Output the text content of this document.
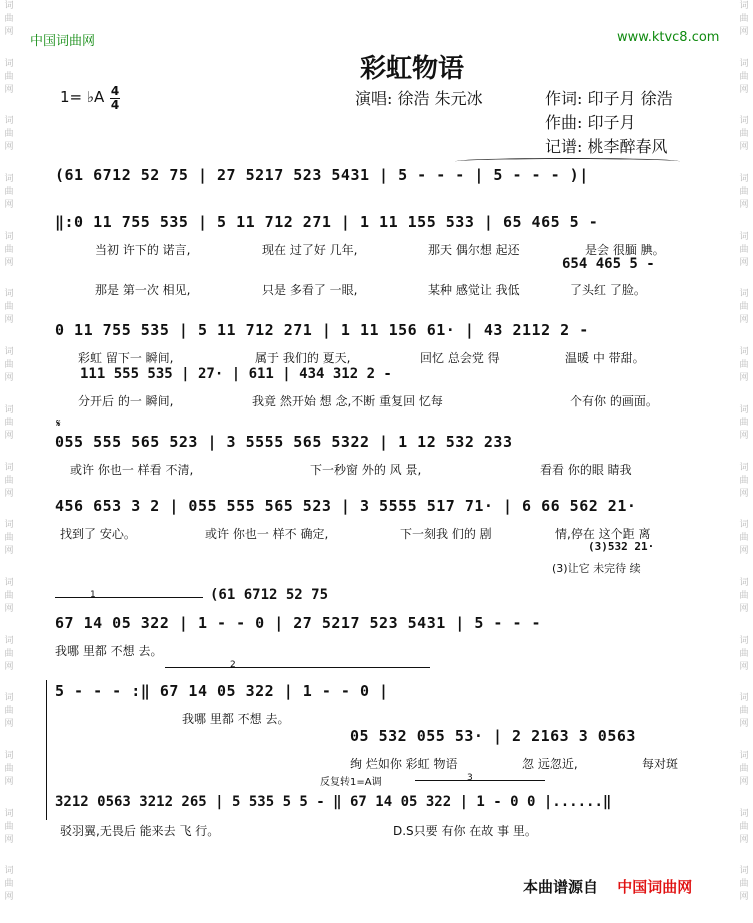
词
曲
网
词
曲
网
词
曲
网
词
曲
网
词
曲
网
词
曲
网
词
曲
网
词
曲
网
词
曲
网
词
曲
网
词
曲
网
词
曲
网
词
曲
网
词
曲
网
词
曲
网
词
曲
网
词
曲
网
词
曲
网
词
曲
网
词
曲
网
词
曲
网
词
曲
网
词
曲
网
词
曲
网
词
曲
网
词
曲
网
词
曲
网
词
曲
网
词
曲
网
词
曲
网
词
曲
网
词
曲
网
中国词曲网	www.ktvc8.com
彩虹物语
1= ♭A 4
4	演唱: 徐浩 朱元冰	作词: 印子月 徐浩
作曲: 印子月
记谱: 桃李醉春风
(61 6712 52 75 | 27 5217 523 5431 | 5 - - - | 5 - - - )|
‖:0 11 755 535 | 5 11 712 271 | 1 11 155 533 | 65 465 5 -
当初 许下的 诺言,	现在 过了好 几年,	那天 偶尔想 起还	是会 很腼 腆。
654 465 5 -
那是 第一次 相见,	只是 多看了 一眼,	某种 感觉让 我低	了头红 了脸。
0 11 755 535 | 5 11 712 271 | 1 11 156 61· | 43 2112 2 -
彩虹 留下一 瞬间,	属于 我们的 夏天,	回忆 总会党 得	温暖 中 带甜。
111 555 535 | 27· | 611 | 434 312 2 -
分开后 的一 瞬间,	我竟 然开始 想 念,不断 重复回 忆每	个有你 的画面。
𝄋
055 555 565 523 | 3 5555 565 5322 | 1 12 532 233
或许 你也一 样看 不清,	下一秒窗 外的 风 景,	看看 你的眼 睛我
456 653 3 2 | 055 555 565 523 | 3 5555 517 71· | 6 66 562 21·
找到了 安心。	或许 你也一 样不 确定,	下一刻我 们的 剧	情,停在 这个距 离
(3)532 21·
(3)让它 未完待 续
1	(61 6712 52 75
67 14 05 322 | 1 - - 0 | 27 5217 523 5431 | 5 - - -
我哪 里都 不想 去。
2
5 - - - :‖ 67 14 05 322 | 1 - - 0 |
我哪 里都 不想 去。
05 532 055 53· | 2 2163 3 0563
绚 烂如你 彩虹 物语	忽 远忽近,	每对斑
反复转1=A调	3
3212 0563 3212 265 | 5 535 5 5 - ‖ 67 14 05 322 | 1 - 0 0 |......‖
驳羽翼,无畏后 能来去 飞 行。	D.S只要 有你 在故 事 里。
本曲谱源自 中国词曲网
